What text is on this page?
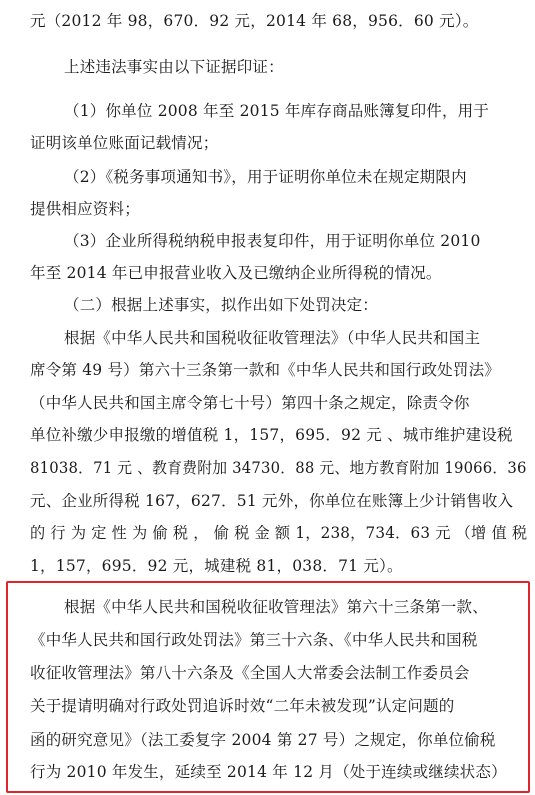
元（2012 年 98，670．92 元，2014 年 68，956．60 元）。
上述违法事实由以下证据印证：
（1）你单位 2008 年至 2015 年库存商品账簿复印件，用于
证明该单位账面记载情况；
（2）《税务事项通知书》，用于证明你单位未在规定期限内
提供相应资料；
（3）企业所得税纳税申报表复印件，用于证明你单位 2010
年至 2014 年已申报营业收入及已缴纳企业所得税的情况。
（二）根据上述事实，拟作出如下处罚决定：
根据《中华人民共和国税收征收管理法》（中华人民共和国主
席令第 49 号）第六十三条第一款和《中华人民共和国行政处罚法》
（中华人民共和国主席令第七十号）第四十条之规定，除责令你
单位补缴少申报缴的增值税 1，157，695．92 元 、城市维护建设税
81038．71 元 、教育费附加 34730．88 元、地方教育附加 19066．36
元、企业所得税 167，627．51 元外，你单位在账簿上少计销售收入
的 行 为 定 性 为 偷 税 ， 偷 税 金 额 1，238，734．63 元 （增 值 税
1，157，695．92 元，城建税 81，038．71 元）。
根据《中华人民共和国税收征收管理法》第六十三条第一款、
《中华人民共和国行政处罚法》第三十六条、《中华人民共和国税
收征收管理法》第八十六条及《全国人大常委会法制工作委员会
关于提请明确对行政处罚追诉时效“二年未被发现”认定问题的
函的研究意见》（法工委复字 2004 第 27 号）之规定，你单位偷税
行为 2010 年发生，延续至 2014 年 12 月（处于连续或继续状态）
